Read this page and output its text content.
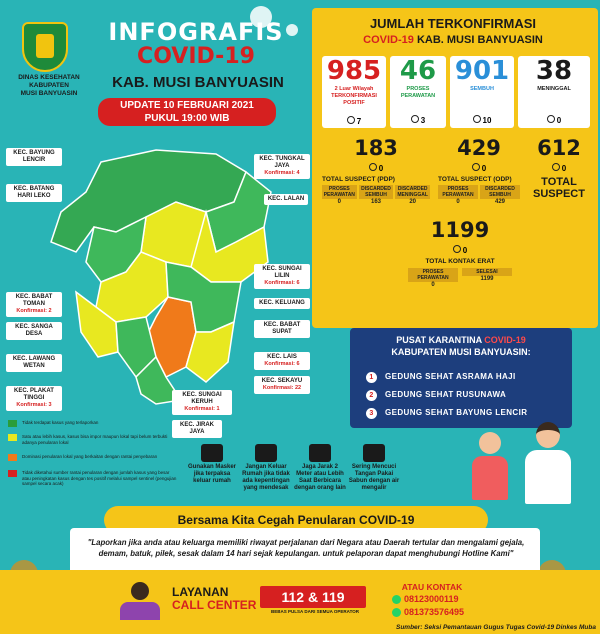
DINAS KESEHATAN
KABUPATEN
MUSI BANYUASIN
INFOGRAFIS
COVID-19
KAB. MUSI BANYUASIN
UPDATE 10 FEBRUARI 2021
PUKUL 19:00 WIB
JUMLAH TERKONFIRMASI
COVID-19 KAB. MUSI BANYUASIN
985
2 Luar Wilayah TERKONFIRMASI POSITIF
7
46
PROSES PERAWATAN
3
901
SEMBUH
10
38
MENINGGAL
0
183
0
TOTAL SUSPECT (PDP)
PROSES PERAWATAN
0
DISCARDED SEMBUH
163
DISCARDED MENINGGAL
20
429
0
TOTAL SUSPECT (ODP)
PROSES PERAWATAN
0
DISCARDED SEMBUH
429
612
0
TOTAL
SUSPECT
1199
0
TOTAL KONTAK ERAT
PROSES PERAWATAN
0
SELESAI
1199
KEC. BAYUNG LENCIR
KEC. BATANG HARI LEKO
KEC. TUNGKAL JAYA
Konfirmasi: 4
KEC. LALAN
KEC. SUNGAI LILIN
Konfirmasi: 6
KEC. KELUANG
KEC. BABAT SUPAT
KEC. LAIS
Konfirmasi: 6
KEC. SEKAYU
Konfirmasi: 22
KEC. SUNGAI KERUH
Konfirmasi: 1
KEC. JIRAK JAYA
KEC. BABAT TOMAN
Konfirmasi: 2
KEC. SANGA DESA
KEC. LAWANG WETAN
KEC. PLAKAT TINGGI
Konfirmasi: 3
Tidak terdapat kasus yang terlaporkan
Satu atau lebih kasus, kasus bisa impor maupun lokal tapi belum terbukti adanya penularan lokal
Dominasi penularan lokal yang berkaitan dengan rantai penyebaran
Tidak diketahui sumber rantai penularan dengan jumlah kasus yang besar atau peningkatan kasus dengan tes positif melalui sampel sentinel (pengujian sampel secara acak)
PUSAT KARANTINA COVID-19
KABUPATEN MUSI BANYUASIN:
1 GEDUNG SEHAT ASRAMA HAJI
2 GEDUNG SEHAT RUSUNAWA
3 GEDUNG SEHAT BAYUNG LENCIR
Gunakan Masker jika terpaksa keluar rumah
Jangan Keluar Rumah jika tidak ada kepentingan yang mendesak
Jaga Jarak 2 Meter atau Lebih Saat Berbicara dengan orang lain
Sering Mencuci Tangan Pakai Sabun dengan air mengalir
Bersama Kita Cegah Penularan COVID-19
"Laporkan jika anda atau keluarga memiliki riwayat perjalanan dari Negara atau Daerah tertular dan mengalami gejala, demam, batuk, pilek, sesak dalam 14 hari sejak kepulangan. untuk pelaporan dapat menghubungi Hotline Kami"
LAYANAN
CALL CENTER	112 & 119
BEBAS PULSA DARI SEMUA OPERATOR
ATAU KONTAK
08123000119
081373576495
Sumber: Seksi Pemantauan Gugus Tugas Covid-19 Dinkes Muba
